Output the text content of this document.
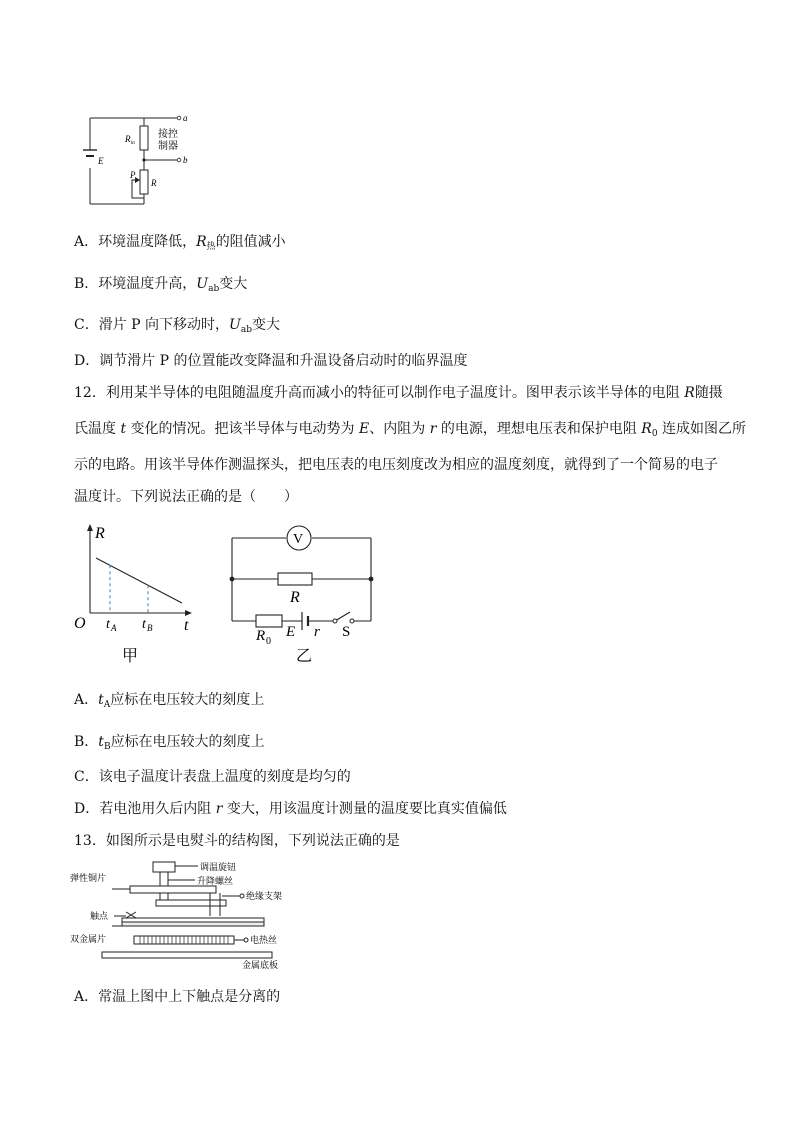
a
b
E
R kt
P
R
接控
制器
A．环境温度降低，$R_热$的阻值减小
B．环境温度升高，$U_{ab}$变大
C．滑片 P 向下移动时，$U_{ab}$变大
D．调节滑片 P 的位置能改变降温和升温设备启动时的临界温度
12．利用某半导体的电阻随温度升高而减小的特征可以制作电子温度计。图甲表示该半导体的电阻 R随摄
氏温度 t 变化的情况。把该半导体与电动势为 E、内阻为 r 的电源，理想电压表和保护电阻 $R_0$ 连成如图乙所
示的电路。用该半导体作测温探头，把电压表的电压刻度改为相应的温度刻度，就得到了一个简易的电子
温度计。下列说法正确的是（　　）
R
t
O t A t B
甲
V
R
R 0
E r S
乙
A．$t_A$应标在电压较大的刻度上
B．$t_B$应标在电压较大的刻度上
C．该电子温度计表盘上温度的刻度是均匀的
D．若电池用久后内阻 r 变大，用该温度计测量的温度要比真实值偏低
13．如图所示是电熨斗的结构图，下列说法正确的是
调温旋钮
升降螺丝
弹性铜片
绝缘支架
触点
双金属片	电热丝
金属底板
A．常温上图中上下触点是分离的
